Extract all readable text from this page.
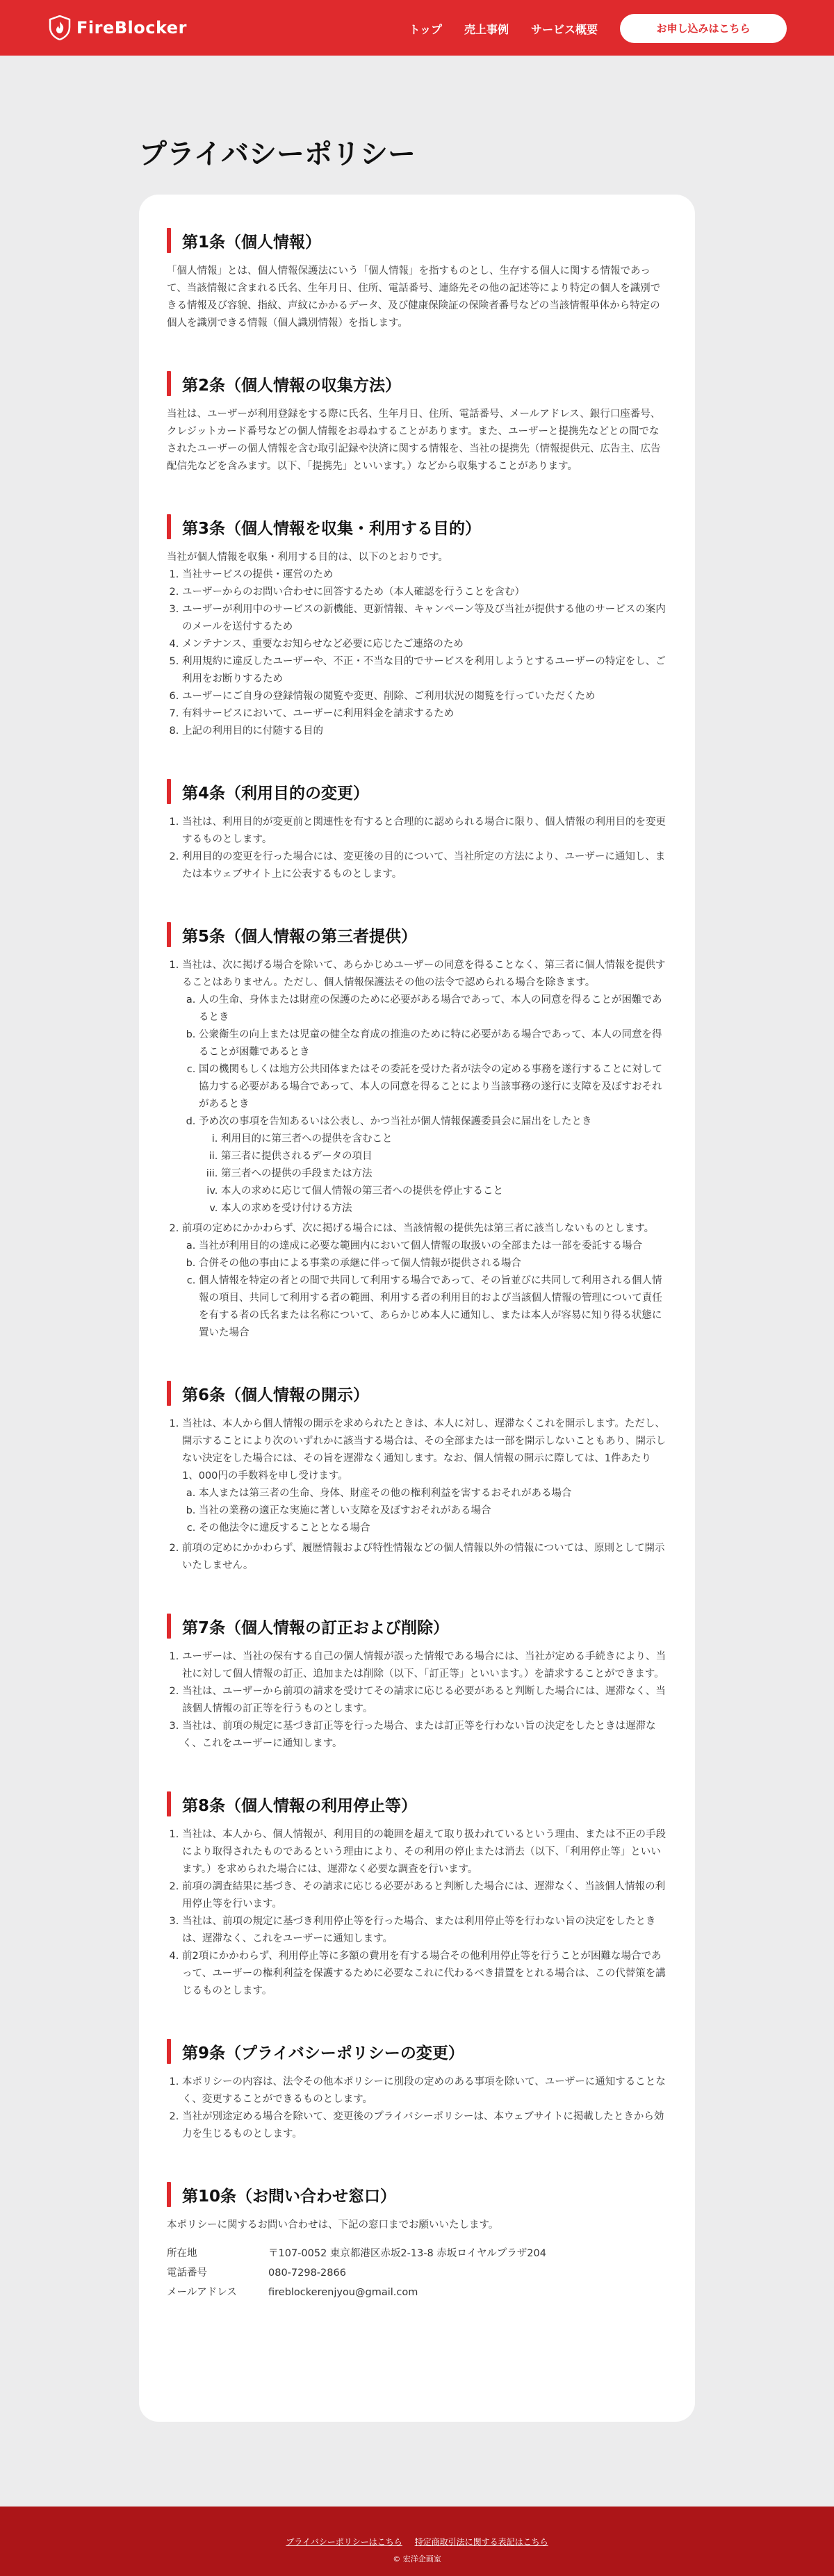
FireBlocker	トップ 売上事例 サービス概要	お申し込みはこちら
プライバシーポリシー
第1条（個人情報）

「個人情報」とは、個人情報保護法にいう「個人情報」を指すものとし、生存する個人に関する情報であって、当該情報に含まれる氏名、生年月日、住所、電話番号、連絡先その他の記述等により特定の個人を識別できる情報及び容貌、指紋、声紋にかかるデータ、及び健康保険証の保険者番号などの当該情報単体から特定の個人を識別できる情報（個人識別情報）を指します。

第2条（個人情報の収集方法）

当社は、ユーザーが利用登録をする際に氏名、生年月日、住所、電話番号、メールアドレス、銀行口座番号、クレジットカード番号などの個人情報をお尋ねすることがあります。また、ユーザーと提携先などとの間でなされたユーザーの個人情報を含む取引記録や決済に関する情報を、当社の提携先（情報提供元、広告主、広告配信先などを含みます。以下、「提携先」といいます。）などから収集することがあります。

第3条（個人情報を収集・利用する目的）

当社が個人情報を収集・利用する目的は、以下のとおりです。

1. 当社サービスの提供・運営のため
2. ユーザーからのお問い合わせに回答するため（本人確認を行うことを含む）
3. ユーザーが利用中のサービスの新機能、更新情報、キャンペーン等及び当社が提供する他のサービスの案内のメールを送付するため
4. メンテナンス、重要なお知らせなど必要に応じたご連絡のため
5. 利用規約に違反したユーザーや、不正・不当な目的でサービスを利用しようとするユーザーの特定をし、ご利用をお断りするため
6. ユーザーにご自身の登録情報の閲覧や変更、削除、ご利用状況の閲覧を行っていただくため
7. 有料サービスにおいて、ユーザーに利用料金を請求するため
8. 上記の利用目的に付随する目的
第4条（利用目的の変更）
1. 当社は、利用目的が変更前と関連性を有すると合理的に認められる場合に限り、個人情報の利用目的を変更するものとします。
2. 利用目的の変更を行った場合には、変更後の目的について、当社所定の方法により、ユーザーに通知し、または本ウェブサイト上に公表するものとします。
第5条（個人情報の第三者提供）
1. 当社は、次に掲げる場合を除いて、あらかじめユーザーの同意を得ることなく、第三者に個人情報を提供することはありません。ただし、個人情報保護法その他の法令で認められる場合を除きます。
a. 人の生命、身体または財産の保護のために必要がある場合であって、本人の同意を得ることが困難であるとき
b. 公衆衛生の向上または児童の健全な育成の推進のために特に必要がある場合であって、本人の同意を得ることが困難であるとき
c. 国の機関もしくは地方公共団体またはその委託を受けた者が法令の定める事務を遂行することに対して協力する必要がある場合であって、本人の同意を得ることにより当該事務の遂行に支障を及ぼすおそれがあるとき
d. 予め次の事項を告知あるいは公表し、かつ当社が個人情報保護委員会に届出をしたとき
i. 利用目的に第三者への提供を含むこと
ii. 第三者に提供されるデータの項目
iii. 第三者への提供の手段または方法
iv. 本人の求めに応じて個人情報の第三者への提供を停止すること
v. 本人の求めを受け付ける方法
2. 前項の定めにかかわらず、次に掲げる場合には、当該情報の提供先は第三者に該当しないものとします。
a. 当社が利用目的の達成に必要な範囲内において個人情報の取扱いの全部または一部を委託する場合
b. 合併その他の事由による事業の承継に伴って個人情報が提供される場合
c. 個人情報を特定の者との間で共同して利用する場合であって、その旨並びに共同して利用される個人情報の項目、共同して利用する者の範囲、利用する者の利用目的および当該個人情報の管理について責任を有する者の氏名または名称について、あらかじめ本人に通知し、または本人が容易に知り得る状態に置いた場合
第6条（個人情報の開示）
1. 当社は、本人から個人情報の開示を求められたときは、本人に対し、遅滞なくこれを開示します。ただし、開示することにより次のいずれかに該当する場合は、その全部または一部を開示しないこともあり、開示しない決定をした場合には、その旨を遅滞なく通知します。なお、個人情報の開示に際しては、1件あたり1、000円の手数料を申し受けます。
a. 本人または第三者の生命、身体、財産その他の権利利益を害するおそれがある場合
b. 当社の業務の適正な実施に著しい支障を及ぼすおそれがある場合
c. その他法令に違反することとなる場合
2. 前項の定めにかかわらず、履歴情報および特性情報などの個人情報以外の情報については、原則として開示いたしません。
第7条（個人情報の訂正および削除）
1. ユーザーは、当社の保有する自己の個人情報が誤った情報である場合には、当社が定める手続きにより、当社に対して個人情報の訂正、追加または削除（以下、「訂正等」といいます。）を請求することができます。
2. 当社は、ユーザーから前項の請求を受けてその請求に応じる必要があると判断した場合には、遅滞なく、当該個人情報の訂正等を行うものとします。
3. 当社は、前項の規定に基づき訂正等を行った場合、または訂正等を行わない旨の決定をしたときは遅滞なく、これをユーザーに通知します。
第8条（個人情報の利用停止等）
1. 当社は、本人から、個人情報が、利用目的の範囲を超えて取り扱われているという理由、または不正の手段により取得されたものであるという理由により、その利用の停止または消去（以下、「利用停止等」といいます。）を求められた場合には、遅滞なく必要な調査を行います。
2. 前項の調査結果に基づき、その請求に応じる必要があると判断した場合には、遅滞なく、当該個人情報の利用停止等を行います。
3. 当社は、前項の規定に基づき利用停止等を行った場合、または利用停止等を行わない旨の決定をしたときは、遅滞なく、これをユーザーに通知します。
4. 前2項にかかわらず、利用停止等に多額の費用を有する場合その他利用停止等を行うことが困難な場合であって、ユーザーの権利利益を保護するために必要なこれに代わるべき措置をとれる場合は、この代替策を講じるものとします。
第9条（プライバシーポリシーの変更）
1. 本ポリシーの内容は、法令その他本ポリシーに別段の定めのある事項を除いて、ユーザーに通知することなく、変更することができるものとします。
2. 当社が別途定める場合を除いて、変更後のプライバシーポリシーは、本ウェブサイトに掲載したときから効力を生じるものとします。
第10条（お問い合わせ窓口）

本ポリシーに関するお問い合わせは、下記の窓口までお願いいたします。

所在地	〒107-0052 東京都港区赤坂2-13-8 赤坂ロイヤルプラザ204
電話番号	080-7298-2866
メールアドレス	fireblockerenjyou@gmail.com
プライバシーポリシーはこちら 特定商取引法に関する表記はこちら
© 宏洋企画室
